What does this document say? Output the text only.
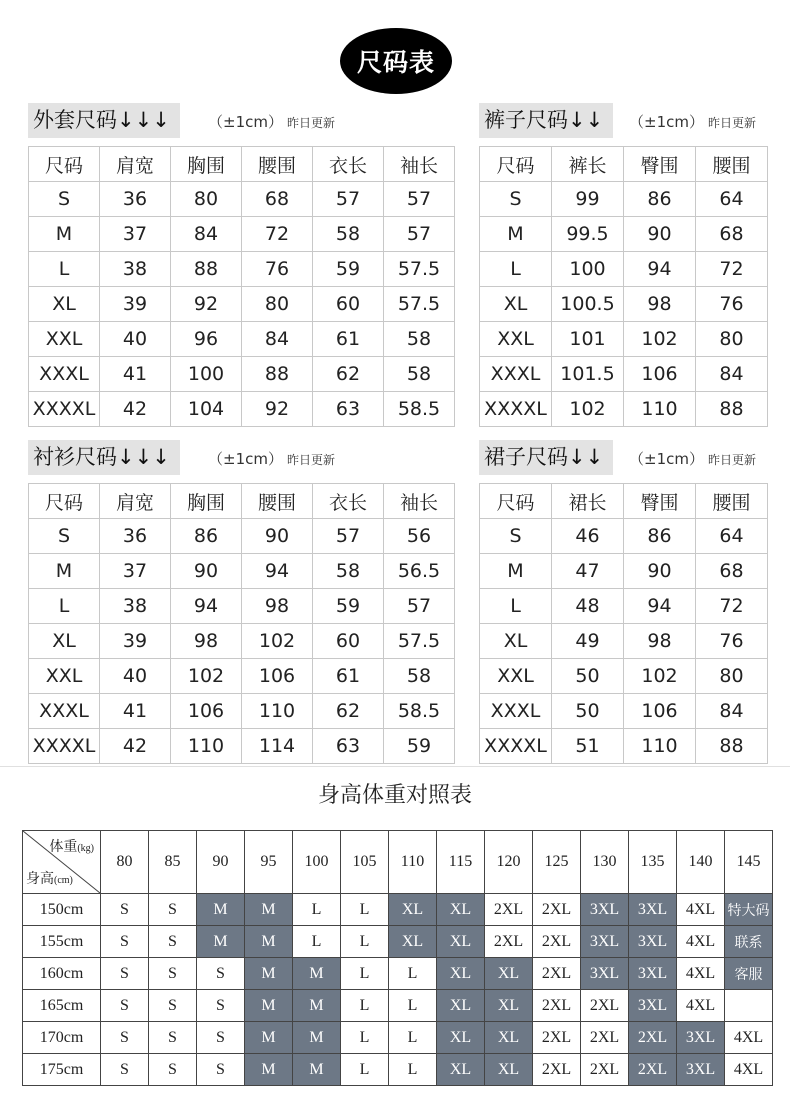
尺码表
外套尺码↓↓↓	（±1cm） 昨日更新
尺码	肩宽	胸围	腰围	衣长	袖长
S	36	80	68	57	57
M	37	84	72	58	57
L	38	88	76	59	57.5
XL	39	92	80	60	57.5
XXL	40	96	84	61	58
XXXL	41	100	88	62	58
XXXXL	42	104	92	63	58.5
裤子尺码↓↓	（±1cm） 昨日更新
尺码	裤长	臀围	腰围
S	99	86	64
M	99.5	90	68
L	100	94	72
XL	100.5	98	76
XXL	101	102	80
XXXL	101.5	106	84
XXXXL	102	110	88
衬衫尺码↓↓↓	（±1cm） 昨日更新
尺码	肩宽	胸围	腰围	衣长	袖长
S	36	86	90	57	56
M	37	90	94	58	56.5
L	38	94	98	59	57
XL	39	98	102	60	57.5
XXL	40	102	106	61	58
XXXL	41	106	110	62	58.5
XXXXL	42	110	114	63	59
裙子尺码↓↓	（±1cm） 昨日更新
尺码	裙长	臀围	腰围
S	46	86	64
M	47	90	68
L	48	94	72
XL	49	98	76
XXL	50	102	80
XXXL	50	106	84
XXXXL	51	110	88
身高体重对照表
体重(kg)
身高(cm)	80	85	90	95	100	105	110	115	120	125	130	135	140	145
150cm	S	S	M	M	L	L	XL	XL	2XL	2XL	3XL	3XL	4XL	特大码
155cm	S	S	M	M	L	L	XL	XL	2XL	2XL	3XL	3XL	4XL	联系
160cm	S	S	S	M	M	L	L	XL	XL	2XL	3XL	3XL	4XL	客服
165cm	S	S	S	M	M	L	L	XL	XL	2XL	2XL	3XL	4XL	
170cm	S	S	S	M	M	L	L	XL	XL	2XL	2XL	2XL	3XL	4XL
175cm	S	S	S	M	M	L	L	XL	XL	2XL	2XL	2XL	3XL	4XL
